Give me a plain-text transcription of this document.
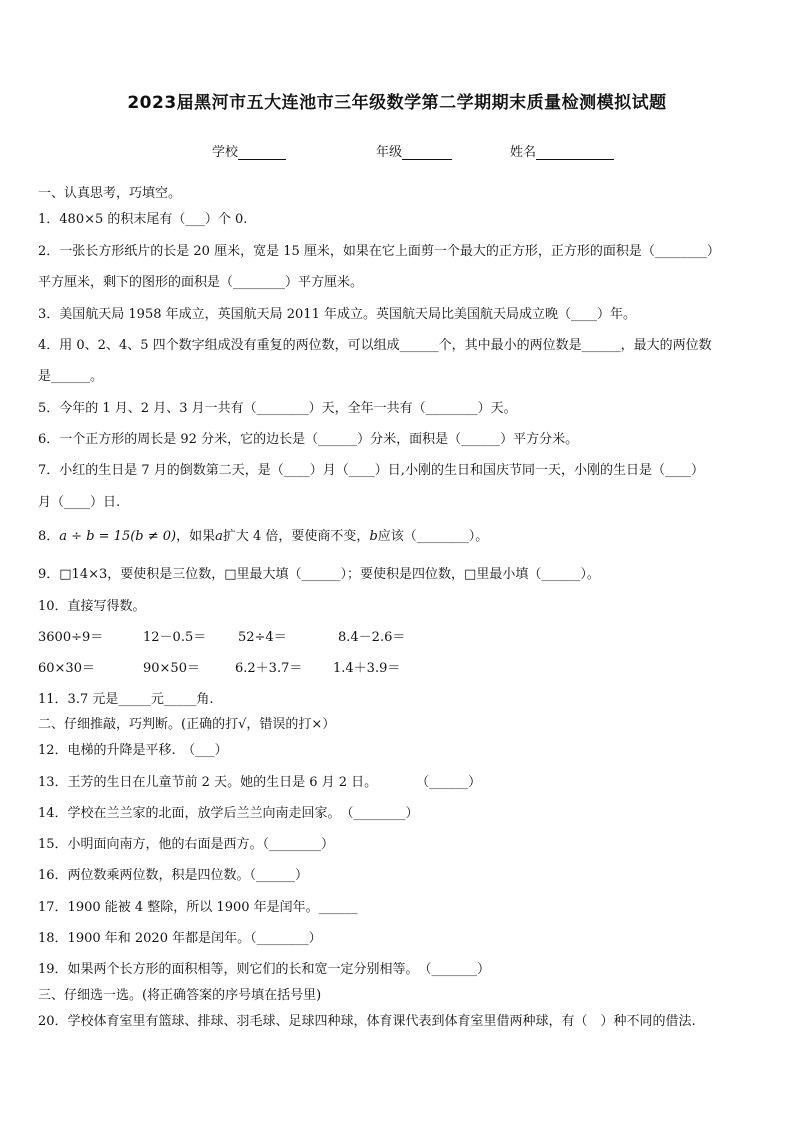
2023届黑河市五大连池市三年级数学第二学期期末质量检测模拟试题
学校	年级	姓名
一、认真思考，巧填空。
1．480×5 的积末尾有（___）个 0.
2．一张长方形纸片的长是 20 厘米，宽是 15 厘米，如果在它上面剪一个最大的正方形，正方形的面积是（________）
平方厘米，剩下的图形的面积是（________）平方厘米。
3．美国航天局 1958 年成立，英国航天局 2011 年成立。英国航天局比美国航天局成立晚（____）年。
4．用 0、2、4、5 四个数字组成没有重复的两位数，可以组成______个，其中最小的两位数是______，最大的两位数
是______。
5．今年的 1 月、2 月、3 月一共有（________）天，全年一共有（________）天。
6．一个正方形的周长是 92 分米，它的边长是（______）分米，面积是（______）平方分米。
7．小红的生日是 7 月的倒数第二天，是（____）月（____）日,小刚的生日和国庆节同一天，小刚的生日是（____）
月（____）日.
9．□14×3，要使积是三位数，□里最大填（______）；要使积是四位数，□里最小填（______）。
10．直接写得数。
11．3.7 元是_____元_____角.
二、仔细推敲，巧判断。(正确的打√，错误的打×）
12．电梯的升降是平移.　（___）
13．王芳的生日在儿童节前 2 天。她的生日是 6 月 2 日。　　　　（______）
14．学校在兰兰家的北面，放学后兰兰向南走回家。　（________）
15．小明面向南方，他的右面是西方。（________）
16．两位数乘两位数，积是四位数。（______）
17．1900 能被 4 整除，所以 1900 年是闰年。______
18．1900 年和 2020 年都是闰年。（________）
19．如果两个长方形的面积相等，则它们的长和宽一定分别相等。　（_______）
三、仔细选一选。(将正确答案的序号填在括号里)
20．学校体育室里有篮球、排球、羽毛球、足球四种球，体育课代表到体育室里借两种球，有（　）种不同的借法.
8．a ÷ b = 15(b ≠ 0)，如果a扩大 4 倍，要使商不变，b应该（________）。
3600÷9＝	12－0.5＝ 52÷4＝	8.4－2.6＝
60×30＝	90×50＝	6.2＋3.7＝ 1.4＋3.9＝
